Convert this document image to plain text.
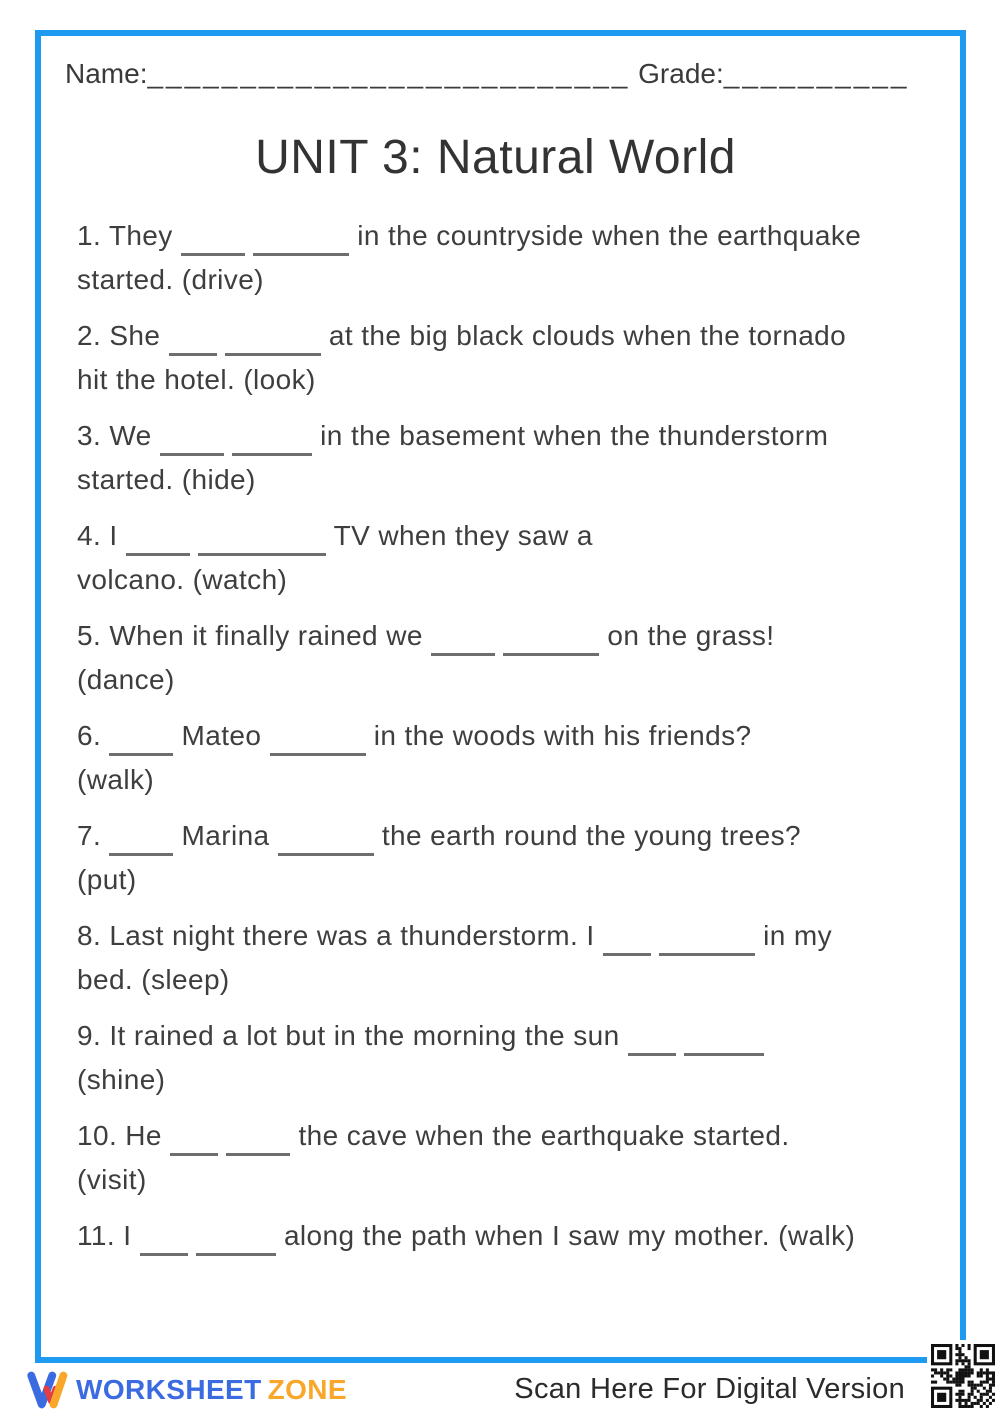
Name:__________________________ Grade:__________
UNIT 3: Natural World
1. They	in the countryside when the earthquake
started. (drive)
2. She	at the big black clouds when the tornado
hit the hotel. (look)
3. We	in the basement when the thunderstorm
started. (hide)
4. I	TV when they saw a
volcano. (watch)
5. When it finally rained we	on the grass!
(dance)
6.  Mateo	in the woods with his friends?
(walk)
7.  Marina	the earth round the young trees?
(put)
8. Last night there was a thunderstorm. I	in my
bed. (sleep)
9. It rained a lot but in the morning the sun
(shine)
10. He	the cave when the earthquake started.
(visit)
11. I	along the path when I saw my mother. (walk)
WORKSHEET ZONE	Scan Here For Digital Version
